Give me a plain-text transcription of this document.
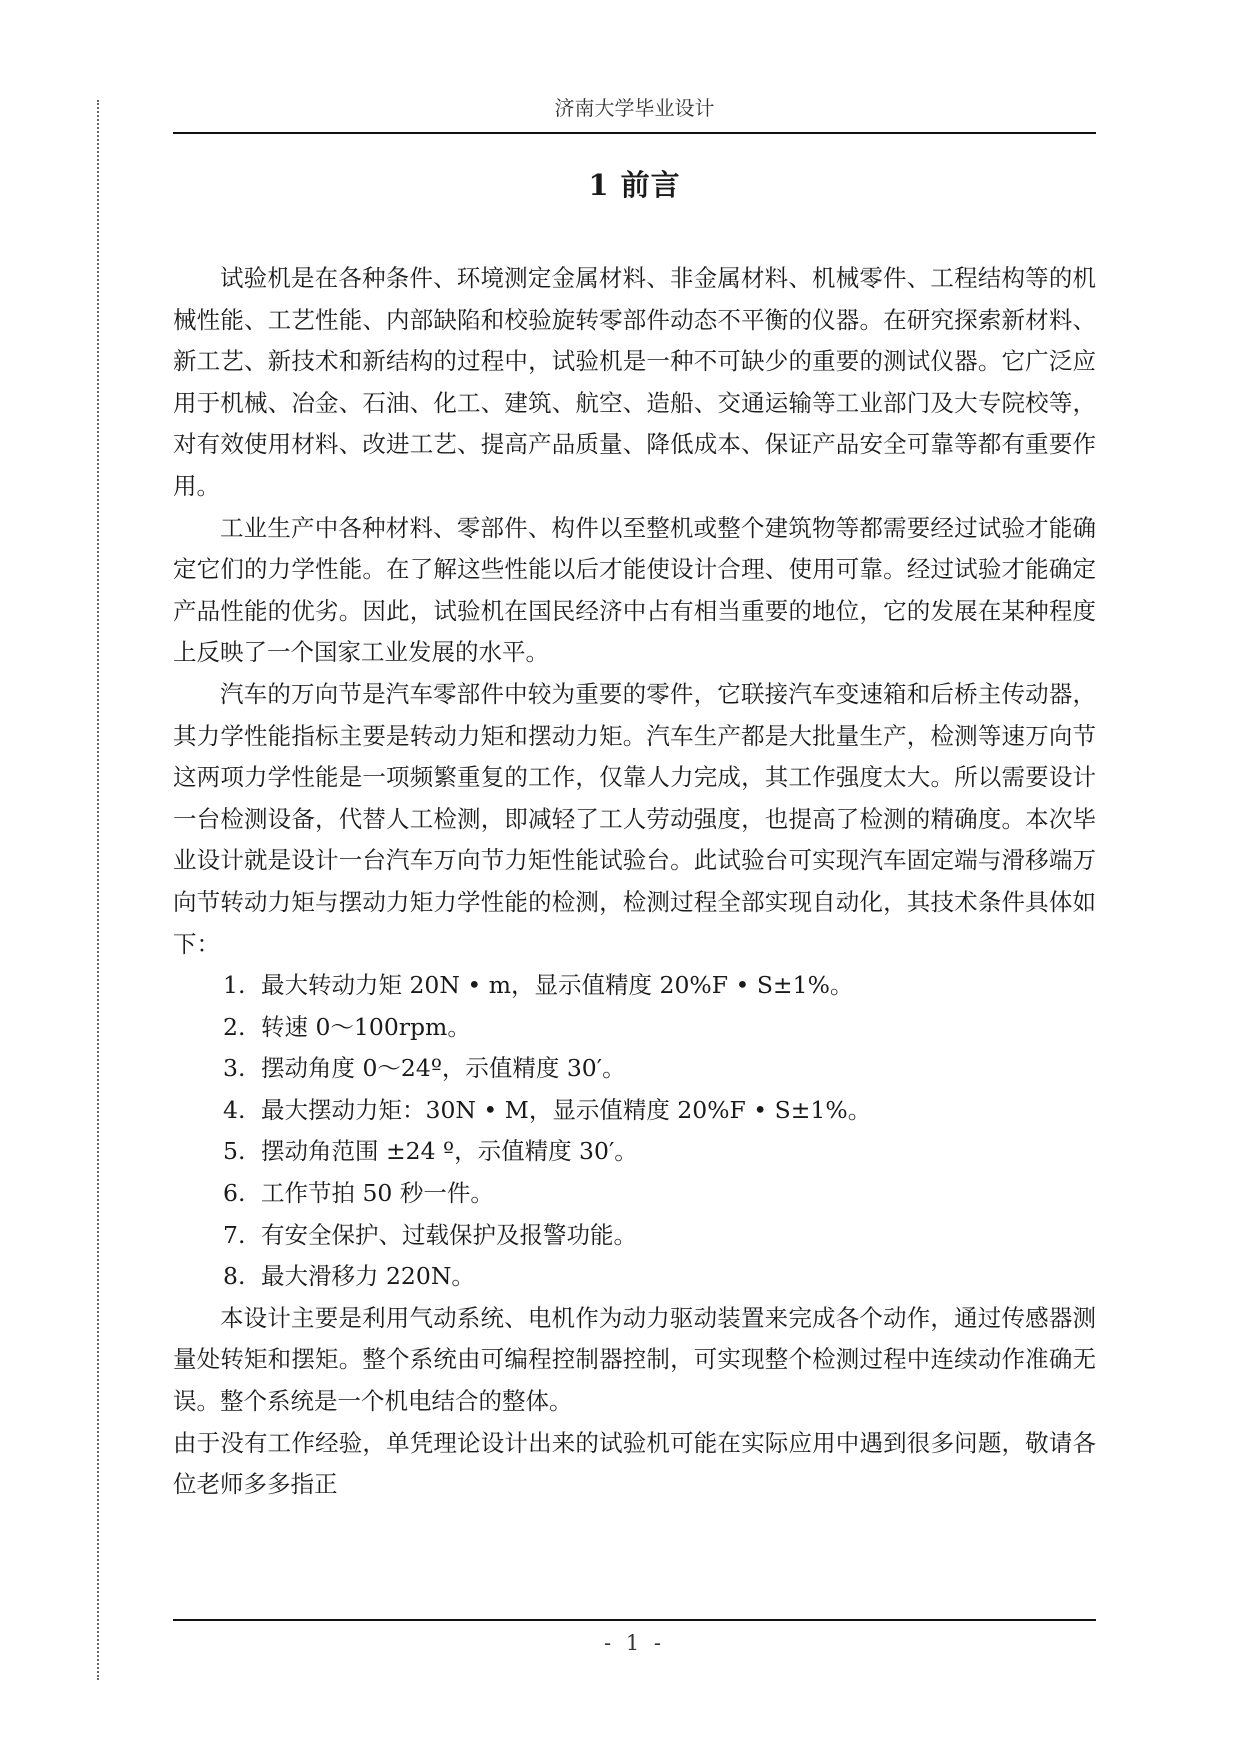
济南大学毕业设计
1 前言

试验机是在各种条件、环境测定金属材料、非金属材料、机械零件、工程结构等的机械性能、工艺性能、内部缺陷和校验旋转零部件动态不平衡的仪器。在研究探索新材料、新工艺、新技术和新结构的过程中，试验机是一种不可缺少的重要的测试仪器。它广泛应用于机械、冶金、石油、化工、建筑、航空、造船、交通运输等工业部门及大专院校等，对有效使用材料、改进工艺、提高产品质量、降低成本、保证产品安全可靠等都有重要作用。

工业生产中各种材料、零部件、构件以至整机或整个建筑物等都需要经过试验才能确定它们的力学性能。在了解这些性能以后才能使设计合理、使用可靠。经过试验才能确定产品性能的优劣。因此，试验机在国民经济中占有相当重要的地位，它的发展在某种程度上反映了一个国家工业发展的水平。

汽车的万向节是汽车零部件中较为重要的零件，它联接汽车变速箱和后桥主传动器，其力学性能指标主要是转动力矩和摆动力矩。汽车生产都是大批量生产，检测等速万向节这两项力学性能是一项频繁重复的工作，仅靠人力完成，其工作强度太大。所以需要设计一台检测设备，代替人工检测，即减轻了工人劳动强度，也提高了检测的精确度。本次毕业设计就是设计一台汽车万向节力矩性能试验台。此试验台可实现汽车固定端与滑移端万向节转动力矩与摆动力矩力学性能的检测，检测过程全部实现自动化，其技术条件具体如下：

1. 最大转动力矩 20N • m，显示值精度 20%F • S±1%。
2. 转速 0～100rpm。
3. 摆动角度 0～24º，示值精度 30′。
4. 最大摆动力矩：30N • M，显示值精度 20%F • S±1%。
5. 摆动角范围 ±24 º，示值精度 30′。
6. 工作节拍 50 秒一件。
7. 有安全保护、过载保护及报警功能。
8. 最大滑移力 220N。

本设计主要是利用气动系统、电机作为动力驱动装置来完成各个动作，通过传感器测量处转矩和摆矩。整个系统由可编程控制器控制，可实现整个检测过程中连续动作准确无误。整个系统是一个机电结合的整体。

由于没有工作经验，单凭理论设计出来的试验机可能在实际应用中遇到很多问题，敬请各位老师多多指正

- 1 -
